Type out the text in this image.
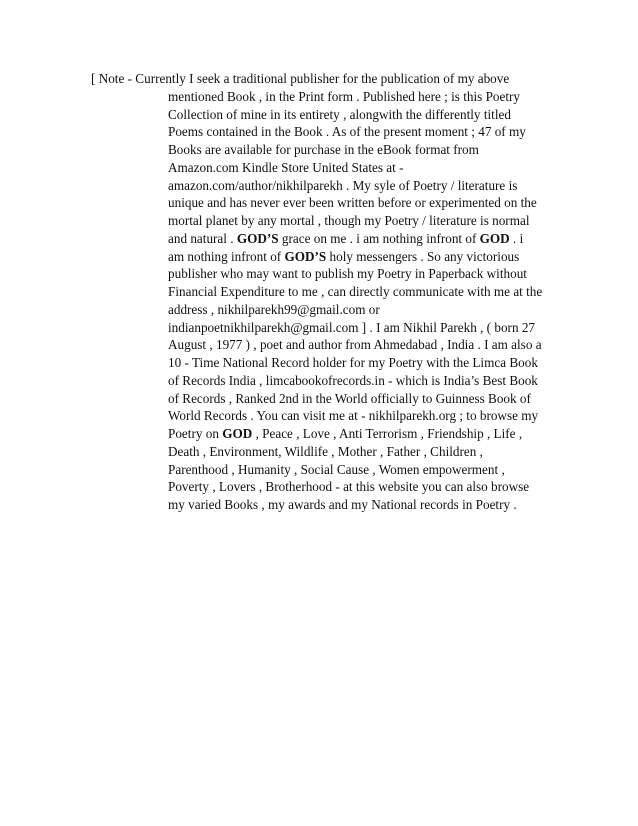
[ Note - Currently I seek a traditional publisher for the publication of my above
mentioned Book , in the Print form . Published here ; is this Poetry
Collection of mine in its entirety , alongwith the differently titled
Poems contained in the Book . As of the present moment ; 47 of my
Books are available for purchase in the eBook format from
Amazon.com Kindle Store United States at -
amazon.com/author/nikhilparekh . My syle of Poetry / literature is
unique and has never ever been written before or experimented on the
mortal planet by any mortal , though my Poetry / literature is normal
and natural . GOD’S grace on me . i am nothing infront of GOD . i
am nothing infront of GOD’S holy messengers . So any victorious
publisher who may want to publish my Poetry in Paperback without
Financial Expenditure to me , can directly communicate with me at the
address , nikhilparekh99@gmail.com or
indianpoetnikhilparekh@gmail.com ] . I am Nikhil Parekh , ( born 27
August , 1977 ) , poet and author from Ahmedabad , India . I am also a
10 - Time National Record holder for my Poetry with the Limca Book
of Records India , limcabookofrecords.in - which is India’s Best Book
of Records , Ranked 2nd in the World officially to Guinness Book of
World Records . You can visit me at - nikhilparekh.org ; to browse my
Poetry on GOD , Peace , Love , Anti Terrorism , Friendship , Life ,
Death , Environment, Wildlife , Mother , Father , Children ,
Parenthood , Humanity , Social Cause , Women empowerment ,
Poverty , Lovers , Brotherhood - at this website you can also browse
my varied Books , my awards and my National records in Poetry .
